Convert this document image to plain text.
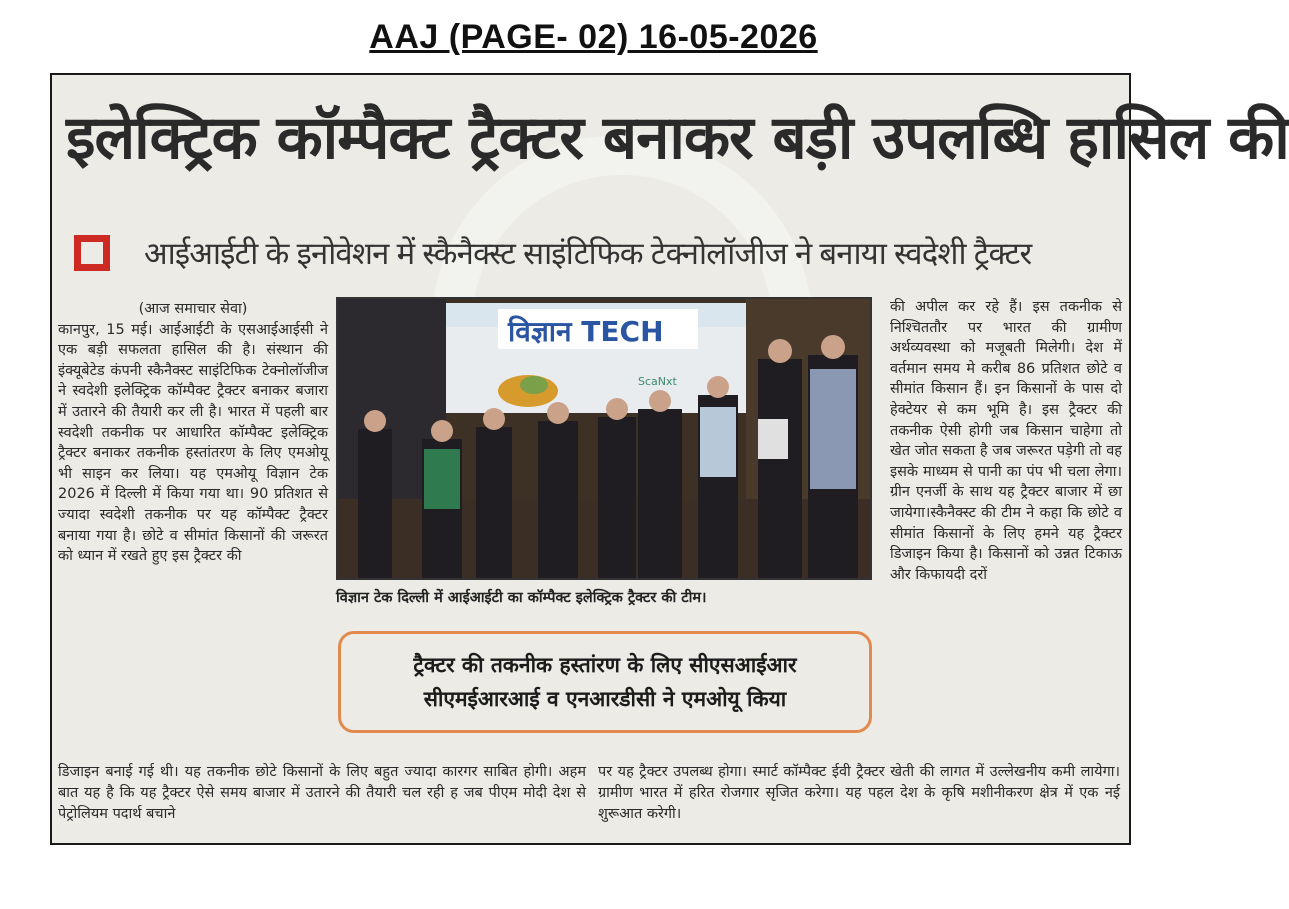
AAJ (PAGE- 02) 16-05-2026
इलेक्ट्रिक कॉम्पैक्ट ट्रैक्टर बनाकर बड़ी उपलब्धि हासिल की
आईआईटी के इनोवेशन में स्कैनैक्स्ट साइंटिफिक टेक्नोलॉजीज ने बनाया स्वदेशी ट्रैक्टर
(आज समाचार सेवा)
कानपुर, 15 मई। आईआईटी के एसआईआईसी ने एक बड़ी सफलता हासिल की है। संस्थान की इंक्यूबेटेड कंपनी स्कैनैक्स्ट साइंटिफिक टेक्नोलॉजीज ने स्वदेशी इलेक्ट्रिक कॉम्पैक्ट ट्रैक्टर बनाकर बजारा में उतारने की तैयारी कर ली है। भारत में पहली बार स्वदेशी तकनीक पर आधारित कॉम्पैक्ट इलेक्ट्रिक ट्रैक्टर बनाकर तकनीक हस्तांतरण के लिए एमओयू भी साइन कर लिया। यह एमओयू विज्ञान टेक 2026 में दिल्ली में किया गया था। 90 प्रतिशत से ज्यादा स्वदेशी तकनीक पर यह कॉम्पैक्ट ट्रैक्टर बनाया गया है। छोटे व सीमांत किसानों की जरूरत को ध्यान में रखते हुए इस ट्रैक्टर की
विज्ञान TECH
ScaNxt
विज्ञान टेक दिल्ली में आईआईटी का कॉम्पैक्ट इलेक्ट्रिक ट्रैक्टर की टीम।
ट्रैक्टर की तकनीक हस्तांरण के लिए सीएसआईआर
सीएमईआरआई व एनआरडीसी ने एमओयू किया
की अपील कर रहे हैं। इस तकनीक से निश्चिततौर पर भारत की ग्रामीण अर्थव्यवस्था को मजूबती मिलेगी। देश में वर्तमान समय मे करीब 86 प्रतिशत छोटे व सीमांत किसान हैं। इन किसानों के पास दो हेक्टेयर से कम भूमि है। इस ट्रैक्टर की तकनीक ऐसी होगी जब किसान चाहेगा तो खेत जोत सकता है जब जरूरत पड़ेगी तो वह इसके माध्यम से पानी का पंप भी चला लेगा। ग्रीन एनर्जी के साथ यह ट्रैक्टर बाजार में छा जायेगा।स्कैनैक्स्ट की टीम ने कहा कि छोटे व सीमांत किसानों के लिए हमने यह ट्रैक्टर डिजाइन किया है। किसानों को उन्नत टिकाऊ और किफायदी दरों
डिजाइन बनाई गई थी। यह तकनीक छोटे किसानों के लिए बहुत ज्यादा कारगर साबित होगी। अहम बात यह है कि यह ट्रैक्टर ऐसे समय बाजार में उतारने की तैयारी चल रही ह जब पीएम मोदी देश से पेट्रोलियम पदार्थ बचाने
पर यह ट्रैक्टर उपलब्ध होगा। स्मार्ट कॉम्पैक्ट ईवी ट्रैक्टर खेती की लागत में उल्लेखनीय कमी लायेगा। ग्रामीण भारत में हरित रोजगार सृजित करेगा। यह पहल देश के कृषि मशीनीकरण क्षेत्र में एक नई शुरूआत करेगी।
